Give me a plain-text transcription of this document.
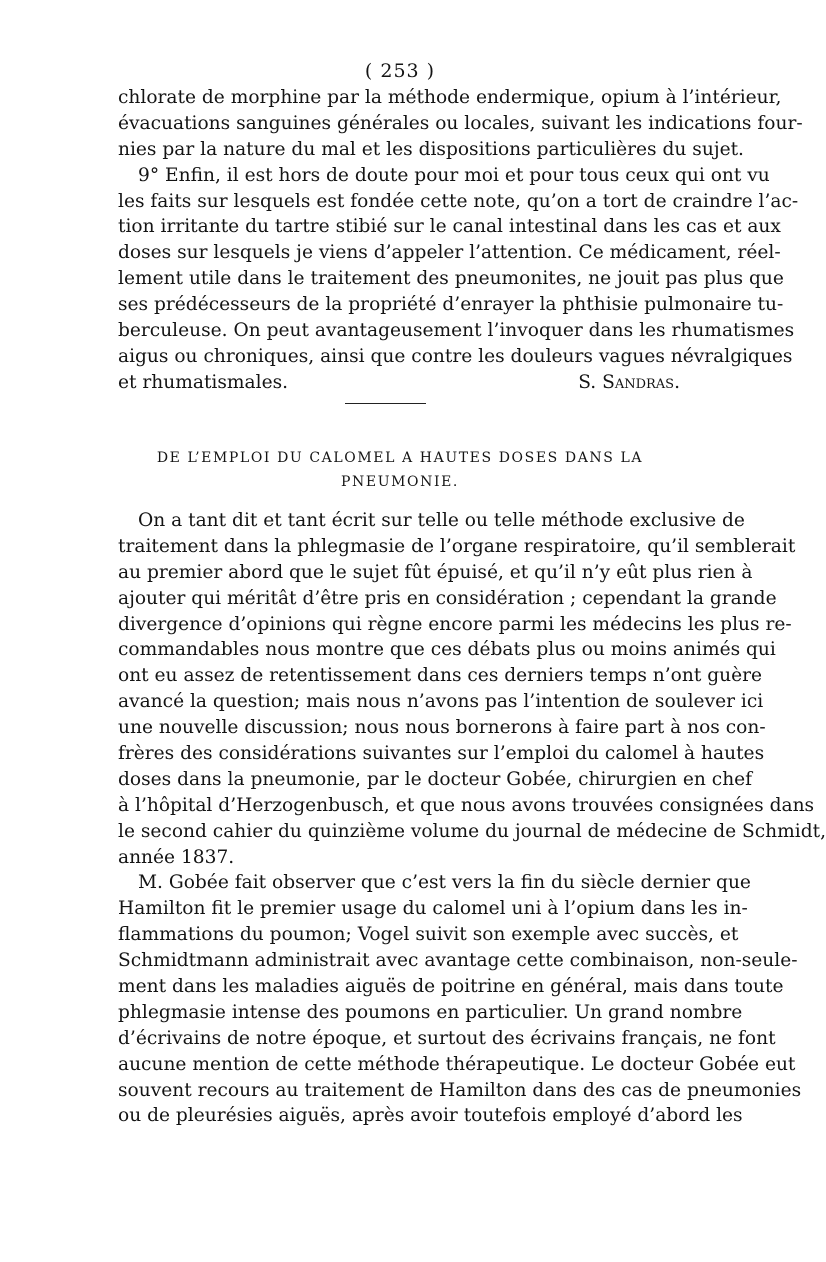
( 253 )
chlorate de morphine par la méthode endermique, opium à l’intérieur,
évacuations sanguines générales ou locales, suivant les indications four-
nies par la nature du mal et les dispositions particulières du sujet.
9° Enfin, il est hors de doute pour moi et pour tous ceux qui ont vu
les faits sur lesquels est fondée cette note, qu’on a tort de craindre l’ac-
tion irritante du tartre stibié sur le canal intestinal dans les cas et aux
doses sur lesquels je viens d’appeler l’attention. Ce médicament, réel-
lement utile dans le traitement des pneumonites, ne jouit pas plus que
ses prédécesseurs de la propriété d’enrayer la phthisie pulmonaire tu-
berculeuse. On peut avantageusement l’invoquer dans les rhumatismes
aigus ou chroniques, ainsi que contre les douleurs vagues névralgiques
et rhumatismales.	S. Sandras.
DE L’EMPLOI DU CALOMEL A HAUTES DOSES DANS LA
PNEUMONIE.
On a tant dit et tant écrit sur telle ou telle méthode exclusive de
traitement dans la phlegmasie de l’organe respiratoire, qu’il semblerait
au premier abord que le sujet fût épuisé, et qu’il n’y eût plus rien à
ajouter qui méritât d’être pris en considération ; cependant la grande
divergence d’opinions qui règne encore parmi les médecins les plus re-
commandables nous montre que ces débats plus ou moins animés qui
ont eu assez de retentissement dans ces derniers temps n’ont guère
avancé la question; mais nous n’avons pas l’intention de soulever ici
une nouvelle discussion; nous nous bornerons à faire part à nos con-
frères des considérations suivantes sur l’emploi du calomel à hautes
doses dans la pneumonie, par le docteur Gobée, chirurgien en chef
à l’hôpital d’Herzogenbusch, et que nous avons trouvées consignées dans
le second cahier du quinzième volume du journal de médecine de Schmidt,
année 1837.
M. Gobée fait observer que c’est vers la fin du siècle dernier que
Hamilton fit le premier usage du calomel uni à l’opium dans les in-
flammations du poumon; Vogel suivit son exemple avec succès, et
Schmidtmann administrait avec avantage cette combinaison, non-seule-
ment dans les maladies aiguës de poitrine en général, mais dans toute
phlegmasie intense des poumons en particulier. Un grand nombre
d’écrivains de notre époque, et surtout des écrivains français, ne font
aucune mention de cette méthode thérapeutique. Le docteur Gobée eut
souvent recours au traitement de Hamilton dans des cas de pneumonies
ou de pleurésies aiguës, après avoir toutefois employé d’abord les
